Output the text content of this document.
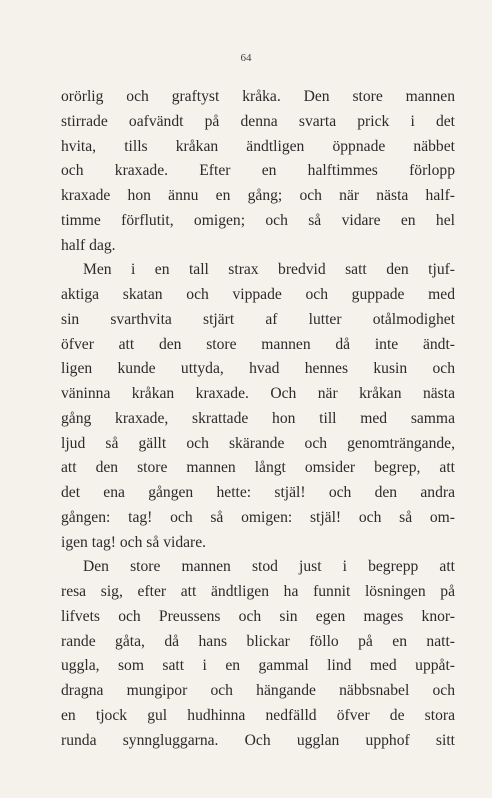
64
orörlig och graftyst kråka. Den store mannen
stirrade oafvändt på denna svarta prick i det
hvita, tills kråkan ändtligen öppnade näbbet
och kraxade. Efter en halftimmes förlopp
kraxade hon ännu en gång; och när nästa half-
timme förflutit, omigen; och så vidare en hel
half dag.
Men i en tall strax bredvid satt den tjuf-
aktiga skatan och vippade och guppade med
sin svarthvita stjärt af lutter otålmodighet
öfver att den store mannen då inte ändt-
ligen kunde uttyda, hvad hennes kusin och
väninna kråkan kraxade. Och när kråkan nästa
gång kraxade, skrattade hon till med samma
ljud så gällt och skärande och genomträngande,
att den store mannen långt omsider begrep, att
det ena gången hette: stjäl! och den andra
gången: tag! och så omigen: stjäl! och så om-
igen tag! och så vidare.
Den store mannen stod just i begrepp att
resa sig, efter att ändtligen ha funnit lösningen på
lifvets och Preussens och sin egen mages knor-
rande gåta, då hans blickar föllo på en natt-
uggla, som satt i en gammal lind med uppåt-
dragna mungipor och hängande näbbsnabel och
en tjock gul hudhinna nedfälld öfver de stora
runda synngluggarna. Och ugglan upphof sitt
